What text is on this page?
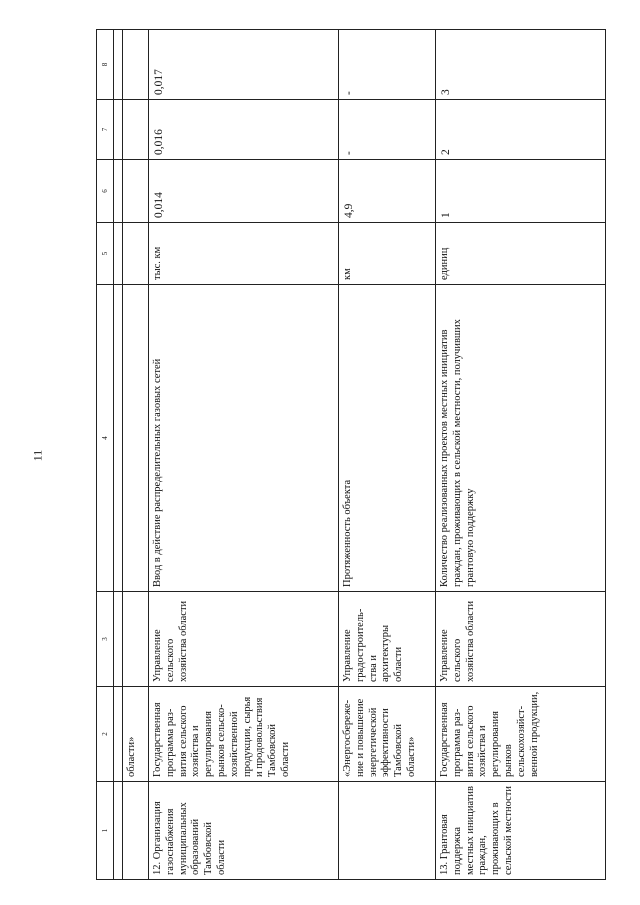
11
1	2	3	4	5	6	7	8

	области»						
12. Организация газоснабжения муниципальных образований Тамбовской области	Государственная программа раз-вития сельского хозяйства и регулирования рынков сельско-хозяйственной продукции, сырья и продовольствия Тамбовской области	Управление сельского хозяйства области	Ввод в действие распределительных газовых сетей	тыс. км	0,014	0,016	0,017
	«Энергосбереже-ние и повышение энергетической эффективности Тамбовской области»	Управление градостроитель-ства и архитектуры области	Протяженность объекта	км	4,9	-	-
13. Грантовая поддержка местных инициатив граждан, проживающих в сельской местности	Государственная программа раз-вития сельского хозяйства и регулирования рынков сельскохозяйст-венной продукции,	Управление сельского хозяйства области	Количество реализованных проектов местных инициатив граждан, проживающих в сельской местности, получивших грантовую поддержку	единиц	1	2	3
